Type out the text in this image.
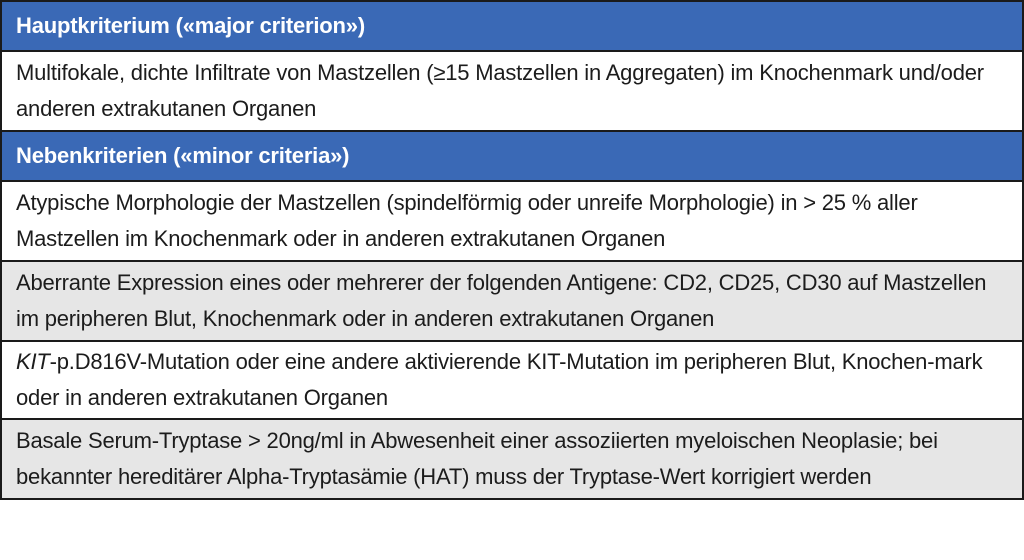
Hauptkriterium («major criterion»)
Multifokale, dichte Infiltrate von Mastzellen (≥15 Mastzellen in Aggregaten) im Knochenmark und/oder anderen extrakutanen Organen
Nebenkriterien («minor criteria»)
Atypische Morphologie der Mastzellen (spindelförmig oder unreife Morphologie) in > 25 % aller Mastzellen im Knochenmark oder in anderen extrakutanen Organen
Aberrante Expression eines oder mehrerer der folgenden Antigene: CD2, CD25, CD30 auf Mastzellen im peripheren Blut, Knochenmark oder in anderen extrakutanen Organen
KIT-p.D816V-Mutation oder eine andere aktivierende KIT-Mutation im peripheren Blut, Knochen-mark oder in anderen extrakutanen Organen
Basale Serum-Tryptase > 20ng/ml in Abwesenheit einer assoziierten myeloischen Neoplasie; bei bekannter hereditärer Alpha-Tryptasämie (HAT) muss der Tryptase-Wert korrigiert werden
